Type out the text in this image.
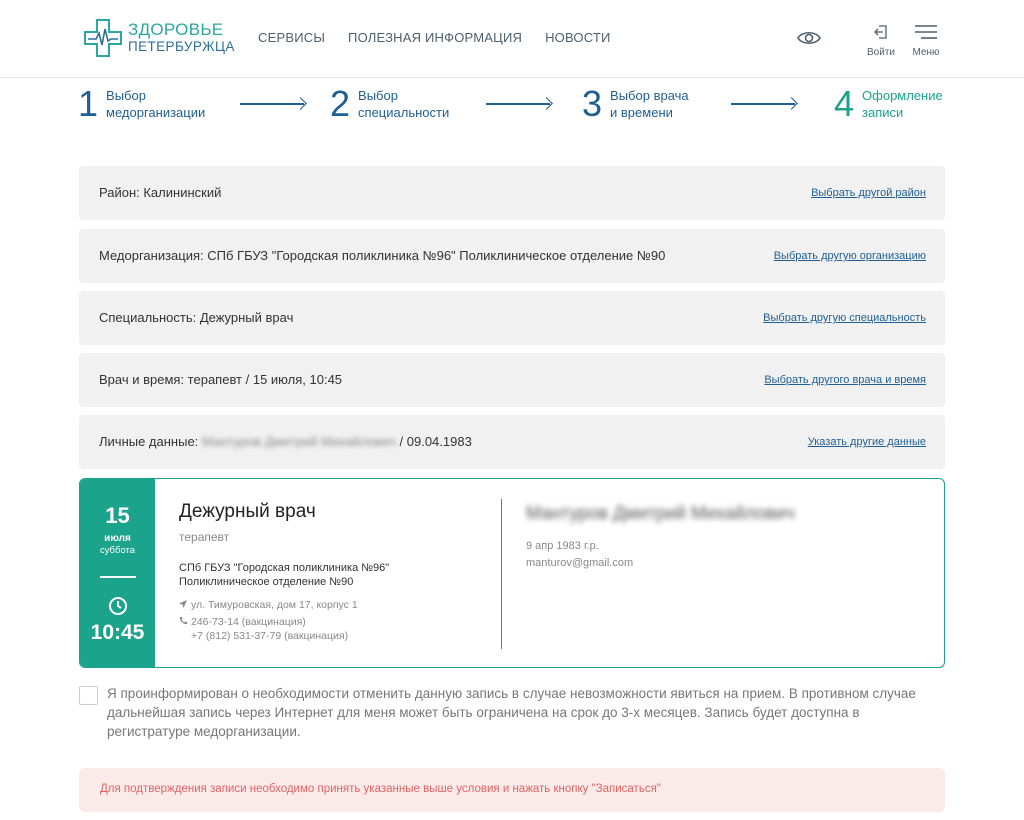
ЗДОРОВЬЕ
ПЕТЕРБУРЖЦА
СЕРВИСЫ ПОЛЕЗНАЯ ИНФОРМАЦИЯ НОВОСТИ
Войти Меню
1 Выбор
медорганизации	2 Выбор
специальности	3 Выбор врача
и времени	4 Оформление
записи
Район: Калининский	Выбрать другой район
Медорганизация: СПб ГБУЗ "Городская поликлиника №96" Поликлиническое отделение №90	Выбрать другую организацию
Специальность: Дежурный врач	Выбрать другую специальность
Врач и время: терапевт / 15 июля, 10:45	Выбрать другого врача и время
Личные данные: Мантуров Дмитрий Михайлович / 09.04.1983	Указать другие данные
15
июля
суббота
10:45
Дежурный врач
терапевт
СПб ГБУЗ "Городская поликлиника №96"
Поликлиническое отделение №90
ул. Тимуровская, дом 17, корпус 1
246-73-14 (вакцинация)
+7 (812) 531-37-79 (вакцинация)
Мантуров Дмитрий Михайлович
9 апр 1983 г.р.
manturov@gmail.com
Я проинформирован о необходимости отменить данную запись в случае невозможности явиться на прием. В противном случае дальнейшая запись через Интернет для меня может быть ограничена на срок до 3-х месяцев. Запись будет доступна в регистратуре медорганизации.
Для подтверждения записи необходимо принять указанные выше условия и нажать кнопку "Записаться"
